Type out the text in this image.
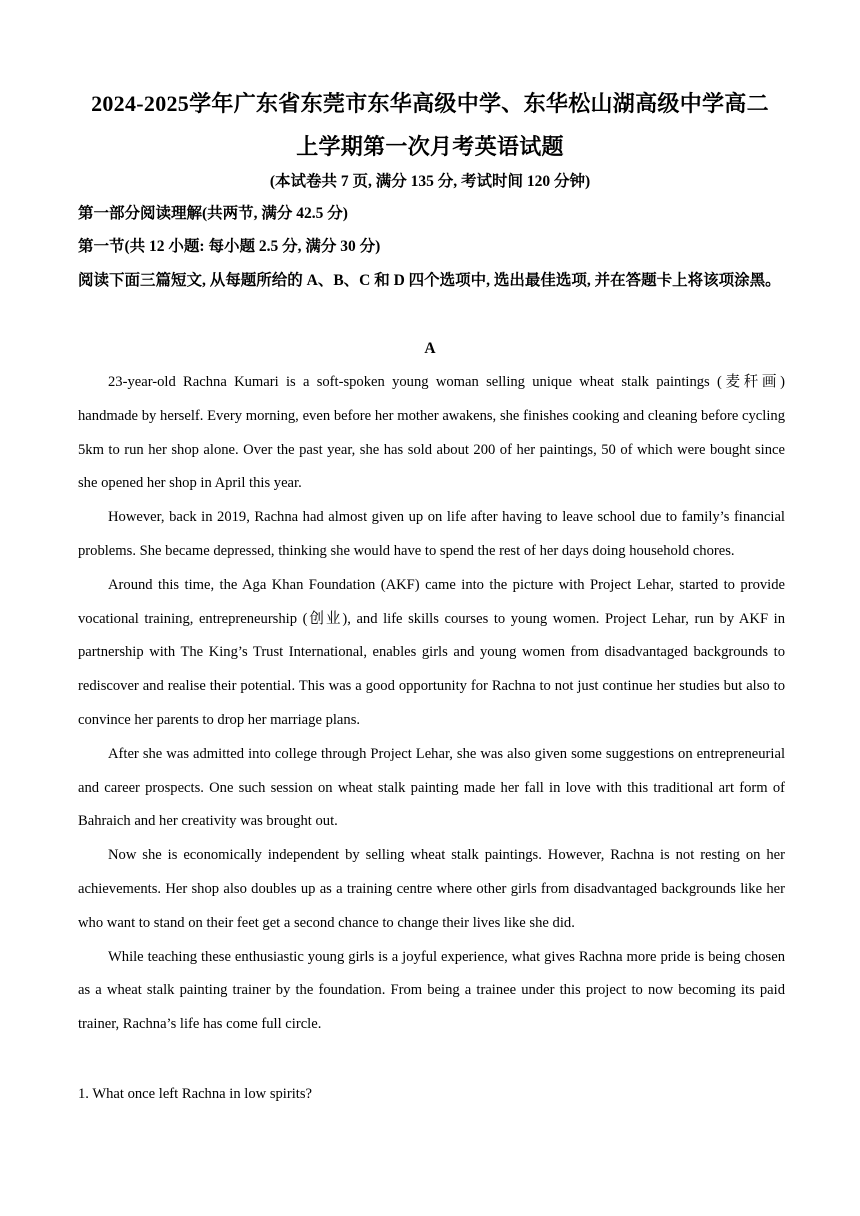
2024-2025学年广东省东莞市东华高级中学、东华松山湖高级中学高二
上学期第一次月考英语试题
(本试卷共 7 页, 满分 135 分, 考试时间 120 分钟)
第一部分阅读理解(共两节, 满分 42.5 分)
第一节(共 12 小题: 每小题 2.5 分, 满分 30 分)
阅读下面三篇短文, 从每题所给的 A、B、C 和 D 四个选项中, 选出最佳选项, 并在答题卡上将该项涂黑。
A

23-year-old Rachna Kumari is a soft-spoken young woman selling unique wheat stalk paintings (麦秆画) handmade by herself. Every morning, even before her mother awakens, she finishes cooking and cleaning before cycling 5km to run her shop alone. Over the past year, she has sold about 200 of her paintings, 50 of which were bought since she opened her shop in April this year.

However, back in 2019, Rachna had almost given up on life after having to leave school due to family’s financial problems. She became depressed, thinking she would have to spend the rest of her days doing household chores.

Around this time, the Aga Khan Foundation (AKF) came into the picture with Project Lehar, started to provide vocational training, entrepreneurship (创业), and life skills courses to young women. Project Lehar, run by AKF in partnership with The King’s Trust International, enables girls and young women from disadvantaged backgrounds to rediscover and realise their potential. This was a good opportunity for Rachna to not just continue her studies but also to convince her parents to drop her marriage plans.

After she was admitted into college through Project Lehar, she was also given some suggestions on entrepreneurial and career prospects. One such session on wheat stalk painting made her fall in love with this traditional art form of Bahraich and her creativity was brought out.

Now she is economically independent by selling wheat stalk paintings. However, Rachna is not resting on her achievements. Her shop also doubles up as a training centre where other girls from disadvantaged backgrounds like her who want to stand on their feet get a second chance to change their lives like she did.

While teaching these enthusiastic young girls is a joyful experience, what gives Rachna more pride is being chosen as a wheat stalk painting trainer by the foundation. From being a trainee under this project to now becoming its paid trainer, Rachna’s life has come full circle.

1. What once left Rachna in low spirits?
